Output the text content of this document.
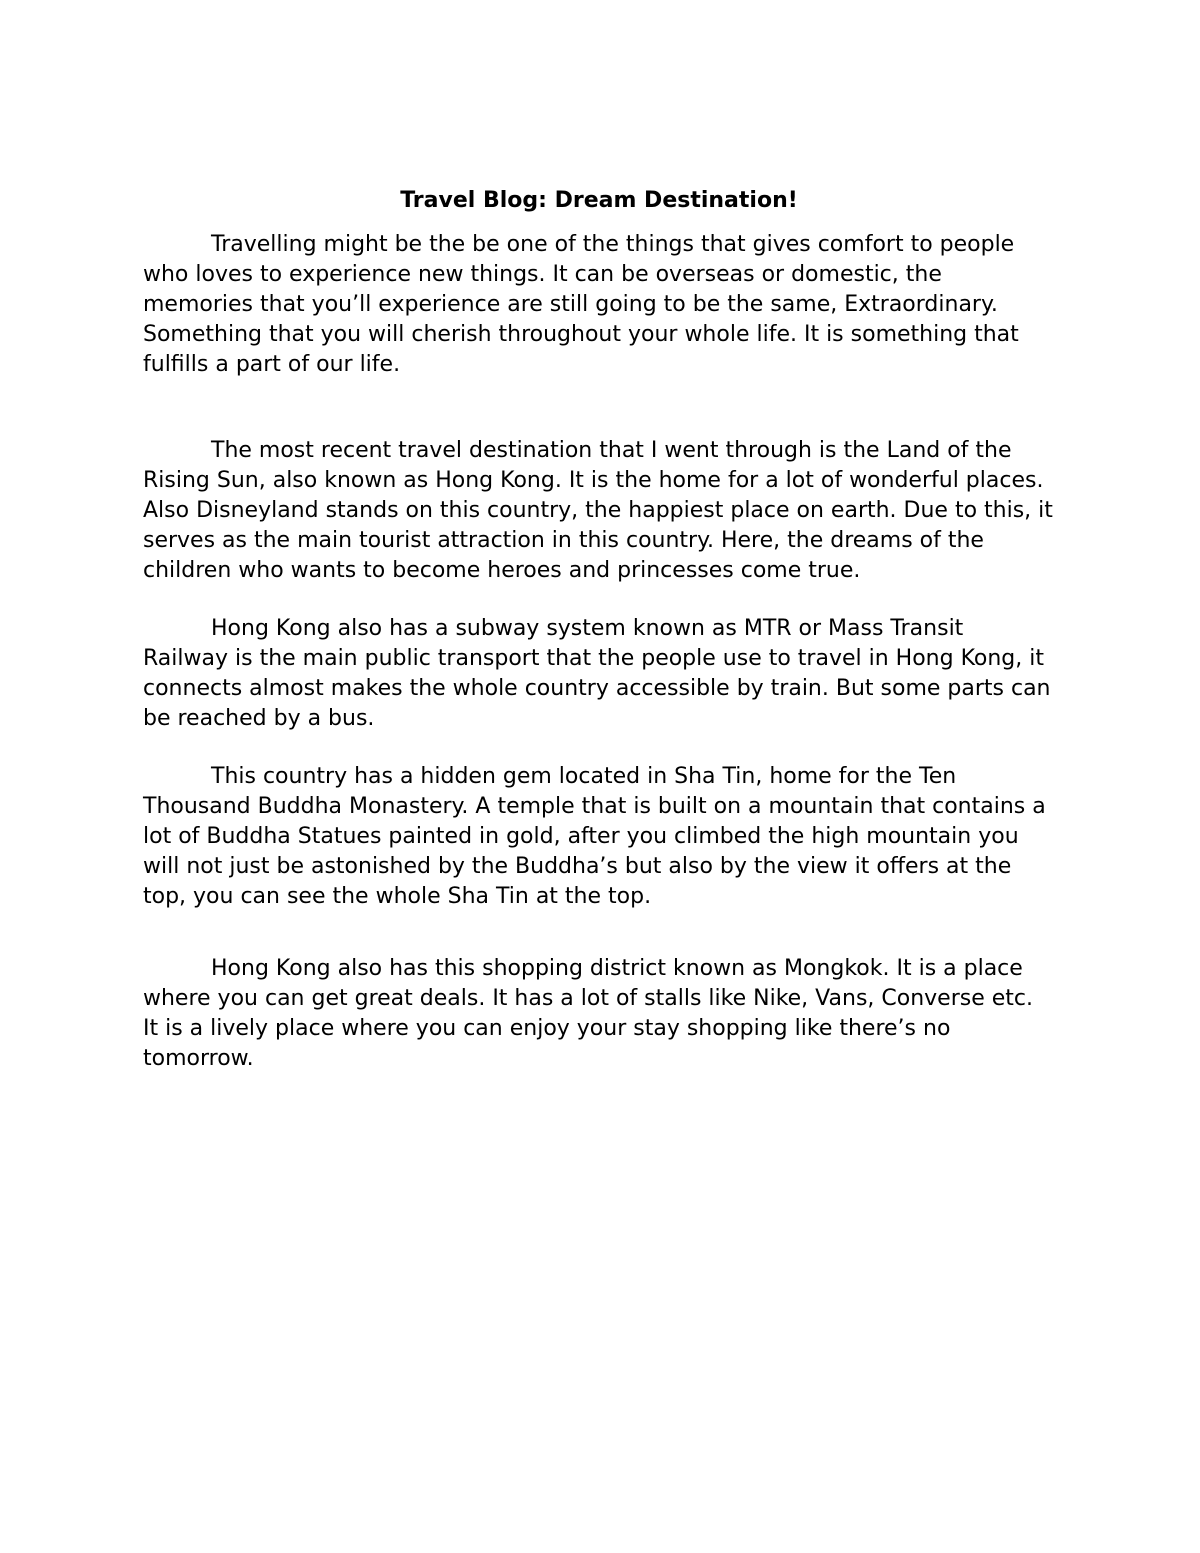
Travel Blog: Dream Destination!

Travelling might be the be one of the things that gives comfort to people who loves to experience new things. It can be overseas or domestic, the memories that you’ll experience are still going to be the same, Extraordinary. Something that you will cherish throughout your whole life. It is something that fulfills a part of our life.

The most recent travel destination that I went through is the Land of the Rising Sun, also known as Hong Kong. It is the home for a lot of wonderful places. Also Disneyland stands on this country, the happiest place on earth. Due to this, it serves as the main tourist attraction in this country. Here, the dreams of the children who wants to become heroes and princesses come true.

Hong Kong also has a subway system known as MTR or Mass Transit Railway is the main public transport that the people use to travel in Hong Kong, it connects almost makes the whole country accessible by train. But some parts can be reached by a bus.

This country has a hidden gem located in Sha Tin, home for the Ten Thousand Buddha Monastery. A temple that is built on a mountain that contains a lot of Buddha Statues painted in gold, after you climbed the high mountain you will not just be astonished by the Buddha’s but also by the view it offers at the top, you can see the whole Sha Tin at the top.

Hong Kong also has this shopping district known as Mongkok. It is a place where you can get great deals. It has a lot of stalls like Nike, Vans, Converse etc.

It is a lively place where you can enjoy your stay shopping like there’s no tomorrow.
